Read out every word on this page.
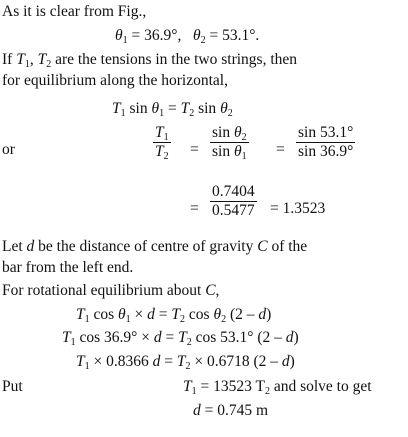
As it is clear from Fig.,
$\theta_1 = 36.9^\circ$,   $\theta_2 = 53.1^\circ$.
If $T_1$, $T_2$ are the tensions in the two strings, then
for equilibrium along the horizontal,
$T_1$ $\sin \theta_1 = T_2$ $\sin \theta_2$
or	$\frac{T_1}{T_2} = \frac{\sin \theta_2}{\sin \theta_1} = \frac{\sin 53.1^\circ}{\sin 36.9^\circ}$
= $\frac{0.7404}{0.5477} = 1.3523$
Let d be the distance of centre of gravity C of the
bar from the left end.
For rotational equilibrium about C,
$T_1$ $\cos \theta_1 \times d = T_2$ $\cos \theta_2$ (2 – d)
$T_1$ $\cos 36.9^\circ \times d = T_2$ cos 53.1° (2 – d)
$T_1 \times 0.8366$ $d = T_2 \times 0.6718$ (2 – d)
Put	$T_1 = 13523$ $T_2$ and solve to get
d = 0.745 m
